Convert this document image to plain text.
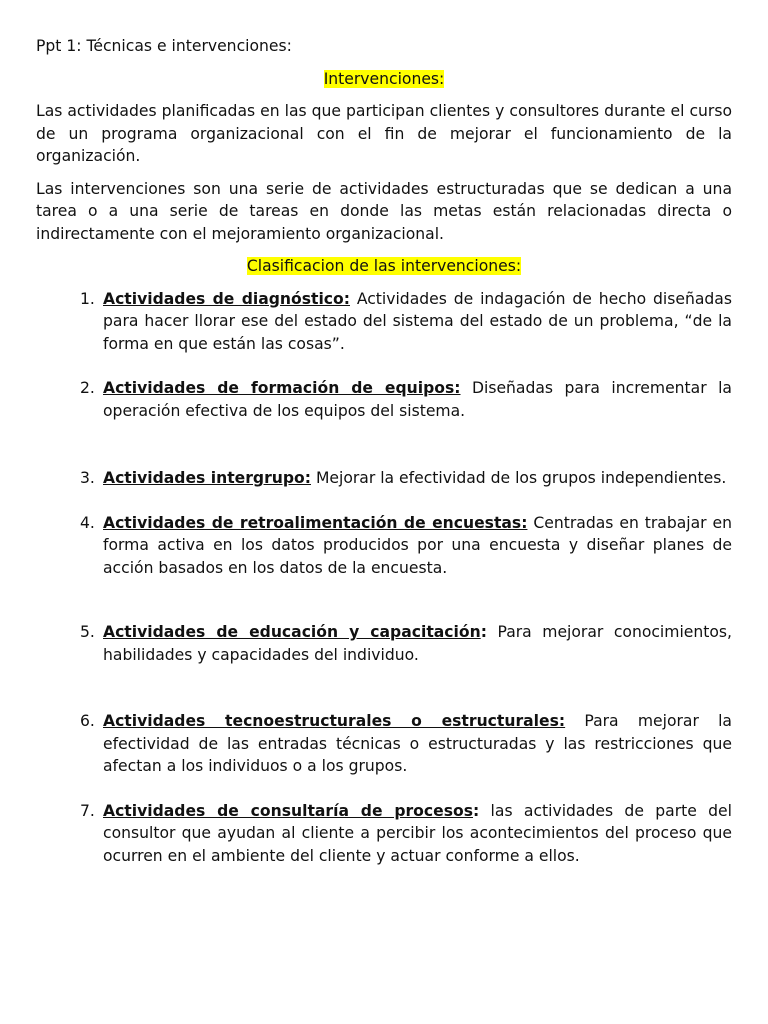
Ppt 1: Técnicas e intervenciones:

Intervenciones:

Las actividades planificadas en las que participan clientes y consultores durante el curso de un programa organizacional con el fin de mejorar el funcionamiento de la organización.

Las intervenciones son una serie de actividades estructuradas que se dedican a una tarea o a una serie de tareas en donde las metas están relacionadas directa o indirectamente con el mejoramiento organizacional.

Clasificacion de las intervenciones:

1. Actividades de diagnóstico: Actividades de indagación de hecho diseñadas para hacer llorar ese del estado del sistema del estado de un problema, “de la forma en que están las cosas”.
2. Actividades de formación de equipos: Diseñadas para incrementar la operación efectiva de los equipos del sistema.
3. Actividades intergrupo: Mejorar la efectividad de los grupos independientes.
4. Actividades de retroalimentación de encuestas: Centradas en trabajar en forma activa en los datos producidos por una encuesta y diseñar planes de acción basados en los datos de la encuesta.
5. Actividades de educación y capacitación: Para mejorar conocimientos, habilidades y capacidades del individuo.
6. Actividades tecnoestructurales o estructurales: Para mejorar la efectividad de las entradas técnicas o estructuradas y las restricciones que afectan a los individuos o a los grupos.
7. Actividades de consultaría de procesos: las actividades de parte del consultor que ayudan al cliente a percibir los acontecimientos del proceso que ocurren en el ambiente del cliente y actuar conforme a ellos.
